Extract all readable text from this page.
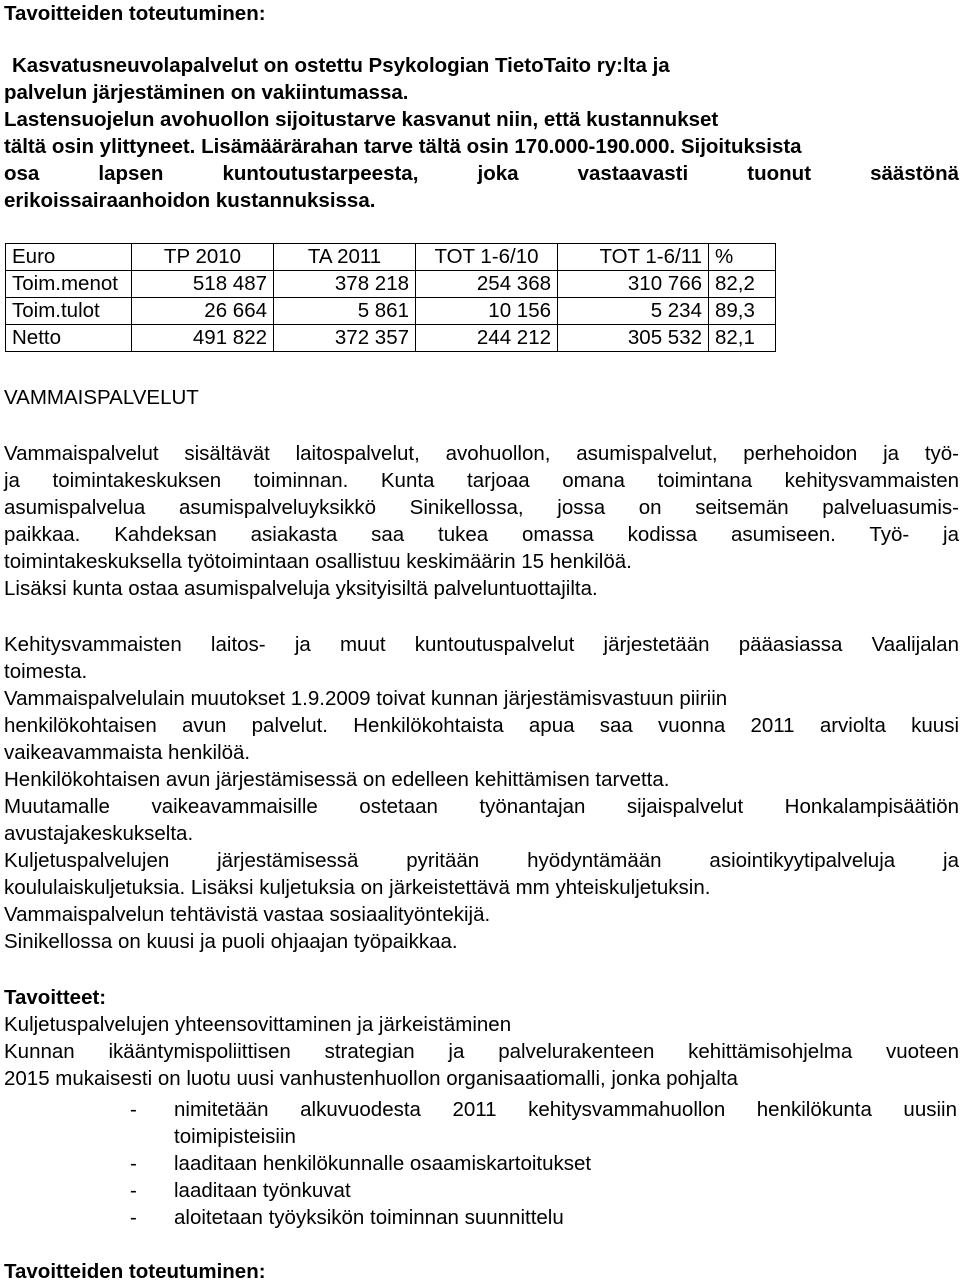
Tavoitteiden toteutuminen:
Kasvatusneuvolapalvelut on ostettu Psykologian TietoTaito ry:lta ja
palvelun järjestäminen on vakiintumassa.
Lastensuojelun avohuollon sijoitustarve kasvanut niin, että kustannukset
tältä osin ylittyneet. Lisämäärärahan tarve tältä osin 170.000-190.000. Sijoituksista
osa lapsen kuntoutustarpeesta, joka vastaavasti tuonut säästönä
erikoissairaanhoidon kustannuksissa.
Euro	TP 2010	TA 2011	TOT 1-6/10	TOT 1-6/11	%
Toim.menot	518 487	378 218	254 368	310 766	82,2
Toim.tulot	26 664	5 861	10 156	5 234	89,3
Netto	491 822	372 357	244 212	305 532	82,1
VAMMAISPALVELUT
Vammaispalvelut sisältävät laitospalvelut, avohuollon, asumispalvelut, perhehoidon ja työ-
ja toimintakeskuksen toiminnan. Kunta tarjoaa omana toimintana kehitysvammaisten
asumispalvelua asumispalveluyksikkö Sinikellossa, jossa on seitsemän palveluasumis-
paikkaa. Kahdeksan asiakasta saa tukea omassa kodissa asumiseen. Työ- ja
toimintakeskuksella työtoimintaan osallistuu keskimäärin 15 henkilöä.
Lisäksi kunta ostaa asumispalveluja yksityisiltä palveluntuottajilta.
Kehitysvammaisten laitos- ja muut kuntoutuspalvelut järjestetään pääasiassa Vaalijalan
toimesta.
Vammaispalvelulain muutokset 1.9.2009 toivat kunnan järjestämisvastuun piiriin
henkilökohtaisen avun palvelut. Henkilökohtaista apua saa vuonna 2011 arviolta kuusi
vaikeavammaista henkilöä.
Henkilökohtaisen avun järjestämisessä on edelleen kehittämisen tarvetta.
Muutamalle vaikeavammaisille ostetaan työnantajan sijaispalvelut Honkalampisäätiön
avustajakeskukselta.
Kuljetuspalvelujen järjestämisessä pyritään hyödyntämään asiointikyytipalveluja ja
koululaiskuljetuksia. Lisäksi kuljetuksia on järkeistettävä mm yhteiskuljetuksin.
Vammaispalvelun tehtävistä vastaa sosiaalityöntekijä.
Sinikellossa on kuusi ja puoli ohjaajan työpaikkaa.
Tavoitteet:
Kuljetuspalvelujen yhteensovittaminen ja järkeistäminen
Kunnan ikääntymispoliittisen strategian ja palvelurakenteen kehittämisohjelma vuoteen
2015 mukaisesti on luotu uusi vanhustenhuollon organisaatiomalli, jonka pohjalta
- nimitetään alkuvuodesta 2011 kehitysvammahuollon henkilökunta uusiin
toimipisteisiin
- laaditaan henkilökunnalle osaamiskartoitukset
- laaditaan työnkuvat
- aloitetaan työyksikön toiminnan suunnittelu
Tavoitteiden toteutuminen:
